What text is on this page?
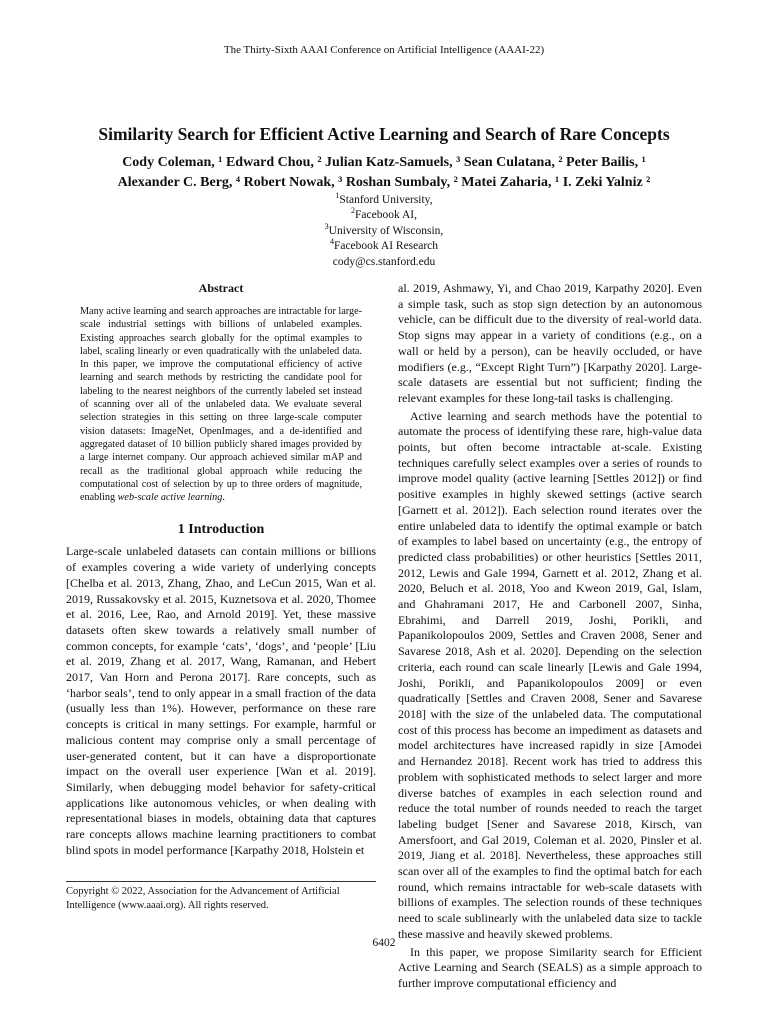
The Thirty-Sixth AAAI Conference on Artificial Intelligence (AAAI-22)
Similarity Search for Efficient Active Learning and Search of Rare Concepts
Cody Coleman, ¹ Edward Chou, ² Julian Katz-Samuels, ³ Sean Culatana, ² Peter Bailis, ¹
Alexander C. Berg, ⁴ Robert Nowak, ³ Roshan Sumbaly, ² Matei Zaharia, ¹ I. Zeki Yalniz ²
$^1$Stanford University,
$^2$Facebook AI,
$^3$University of Wisconsin,
$^4$Facebook AI Research
cody@cs.stanford.edu
Abstract

Many active learning and search approaches are intractable for large-scale industrial settings with billions of unlabeled examples. Existing approaches search globally for the optimal examples to label, scaling linearly or even quadratically with the unlabeled data. In this paper, we improve the computational efficiency of active learning and search methods by restricting the candidate pool for labeling to the nearest neighbors of the currently labeled set instead of scanning over all of the unlabeled data. We evaluate several selection strategies in this setting on three large-scale computer vision datasets: ImageNet, OpenImages, and a de-identified and aggregated dataset of 10 billion publicly shared images provided by a large internet company. Our approach achieved similar mAP and recall as the traditional global approach while reducing the computational cost of selection by up to three orders of magnitude, enabling web-scale active learning.

1 Introduction

Large-scale unlabeled datasets can contain millions or billions of examples covering a wide variety of underlying concepts [Chelba et al. 2013, Zhang, Zhao, and LeCun 2015, Wan et al. 2019, Russakovsky et al. 2015, Kuznetsova et al. 2020, Thomee et al. 2016, Lee, Rao, and Arnold 2019]. Yet, these massive datasets often skew towards a relatively small number of common concepts, for example ‘cats’, ‘dogs’, and ‘people’ [Liu et al. 2019, Zhang et al. 2017, Wang, Ramanan, and Hebert 2017, Van Horn and Perona 2017]. Rare concepts, such as ‘harbor seals’, tend to only appear in a small fraction of the data (usually less than 1%). However, performance on these rare concepts is critical in many settings. For example, harmful or malicious content may comprise only a small percentage of user-generated content, but it can have a disproportionate impact on the overall user experience [Wan et al. 2019]. Similarly, when debugging model behavior for safety-critical applications like autonomous vehicles, or when dealing with representational biases in models, obtaining data that captures rare concepts allows machine learning practitioners to combat blind spots in model performance [Karpathy 2018, Holstein et

al. 2019, Ashmawy, Yi, and Chao 2019, Karpathy 2020]. Even a simple task, such as stop sign detection by an autonomous vehicle, can be difficult due to the diversity of real-world data. Stop signs may appear in a variety of conditions (e.g., on a wall or held by a person), can be heavily occluded, or have modifiers (e.g., “Except Right Turn”) [Karpathy 2020]. Large-scale datasets are essential but not sufficient; finding the relevant examples for these long-tail tasks is challenging.

Active learning and search methods have the potential to automate the process of identifying these rare, high-value data points, but often become intractable at-scale. Existing techniques carefully select examples over a series of rounds to improve model quality (active learning [Settles 2012]) or find positive examples in highly skewed settings (active search [Garnett et al. 2012]). Each selection round iterates over the entire unlabeled data to identify the optimal example or batch of examples to label based on uncertainty (e.g., the entropy of predicted class probabilities) or other heuristics [Settles 2011, 2012, Lewis and Gale 1994, Garnett et al. 2012, Zhang et al. 2020, Beluch et al. 2018, Yoo and Kweon 2019, Gal, Islam, and Ghahramani 2017, He and Carbonell 2007, Sinha, Ebrahimi, and Darrell 2019, Joshi, Porikli, and Papanikolopoulos 2009, Settles and Craven 2008, Sener and Savarese 2018, Ash et al. 2020]. Depending on the selection criteria, each round can scale linearly [Lewis and Gale 1994, Joshi, Porikli, and Papanikolopoulos 2009] or even quadratically [Settles and Craven 2008, Sener and Savarese 2018] with the size of the unlabeled data. The computational cost of this process has become an impediment as datasets and model architectures have increased rapidly in size [Amodei and Hernandez 2018]. Recent work has tried to address this problem with sophisticated methods to select larger and more diverse batches of examples in each selection round and reduce the total number of rounds needed to reach the target labeling budget [Sener and Savarese 2018, Kirsch, van Amersfoort, and Gal 2019, Coleman et al. 2020, Pinsler et al. 2019, Jiang et al. 2018]. Nevertheless, these approaches still scan over all of the examples to find the optimal batch for each round, which remains intractable for web-scale datasets with billions of examples. The selection rounds of these techniques need to scale sublinearly with the unlabeled data size to tackle these massive and heavily skewed problems.

In this paper, we propose Similarity search for Efficient Active Learning and Search (SEALS) as a simple approach to further improve computational efficiency and

Copyright © 2022, Association for the Advancement of Artificial Intelligence (www.aaai.org). All rights reserved.
6402
